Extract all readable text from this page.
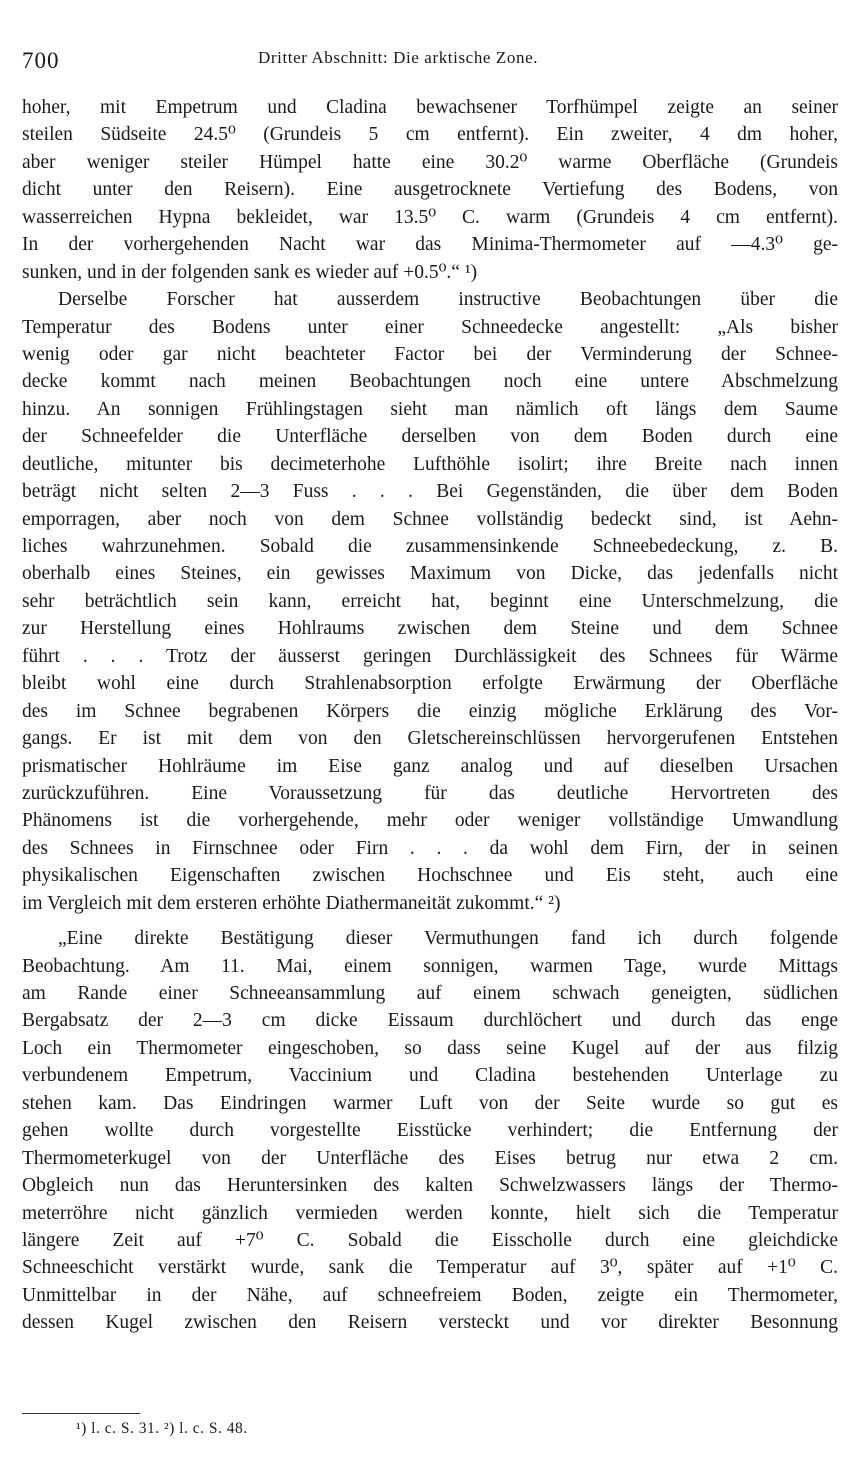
700	Dritter Abschnitt: Die arktische Zone.
hoher, mit Empetrum und Cladina bewachsener Torfhümpel zeigte an seiner
steilen Südseite 24.5⁰ (Grundeis 5 cm entfernt). Ein zweiter, 4 dm hoher,
aber weniger steiler Hümpel hatte eine 30.2⁰ warme Oberfläche (Grundeis
dicht unter den Reisern). Eine ausgetrocknete Vertiefung des Bodens, von
wasserreichen Hypna bekleidet, war 13.5⁰ C. warm (Grundeis 4 cm entfernt).
In der vorhergehenden Nacht war das Minima-Thermometer auf —4.3⁰ ge-
sunken, und in der folgenden sank es wieder auf +0.5⁰.“ ¹)
Derselbe Forscher hat ausserdem instructive Beobachtungen über die
Temperatur des Bodens unter einer Schneedecke angestellt: „Als bisher
wenig oder gar nicht beachteter Factor bei der Verminderung der Schnee-
decke kommt nach meinen Beobachtungen noch eine untere Abschmelzung
hinzu. An sonnigen Frühlingstagen sieht man nämlich oft längs dem Saume
der Schneefelder die Unterfläche derselben von dem Boden durch eine
deutliche, mitunter bis decimeterhohe Lufthöhle isolirt; ihre Breite nach innen
beträgt nicht selten 2—3 Fuss . . . Bei Gegenständen, die über dem Boden
emporragen, aber noch von dem Schnee vollständig bedeckt sind, ist Aehn-
liches wahrzunehmen. Sobald die zusammensinkende Schneebedeckung, z. B.
oberhalb eines Steines, ein gewisses Maximum von Dicke, das jedenfalls nicht
sehr beträchtlich sein kann, erreicht hat, beginnt eine Unterschmelzung, die
zur Herstellung eines Hohlraums zwischen dem Steine und dem Schnee
führt . . . Trotz der äusserst geringen Durchlässigkeit des Schnees für Wärme
bleibt wohl eine durch Strahlenabsorption erfolgte Erwärmung der Oberfläche
des im Schnee begrabenen Körpers die einzig mögliche Erklärung des Vor-
gangs. Er ist mit dem von den Gletschereinschlüssen hervorgerufenen Entstehen
prismatischer Hohlräume im Eise ganz analog und auf dieselben Ursachen
zurückzuführen. Eine Voraussetzung für das deutliche Hervortreten des
Phänomens ist die vorhergehende, mehr oder weniger vollständige Umwandlung
des Schnees in Firnschnee oder Firn . . . da wohl dem Firn, der in seinen
physikalischen Eigenschaften zwischen Hochschnee und Eis steht, auch eine
im Vergleich mit dem ersteren erhöhte Diathermaneität zukommt.“ ²)
„Eine direkte Bestätigung dieser Vermuthungen fand ich durch folgende
Beobachtung. Am 11. Mai, einem sonnigen, warmen Tage, wurde Mittags
am Rande einer Schneeansammlung auf einem schwach geneigten, südlichen
Bergabsatz der 2—3 cm dicke Eissaum durchlöchert und durch das enge
Loch ein Thermometer eingeschoben, so dass seine Kugel auf der aus filzig
verbundenem Empetrum, Vaccinium und Cladina bestehenden Unterlage zu
stehen kam. Das Eindringen warmer Luft von der Seite wurde so gut es
gehen wollte durch vorgestellte Eisstücke verhindert; die Entfernung der
Thermometerkugel von der Unterfläche des Eises betrug nur etwa 2 cm.
Obgleich nun das Heruntersinken des kalten Schwelzwassers längs der Thermo-
meterröhre nicht gänzlich vermieden werden konnte, hielt sich die Temperatur
längere Zeit auf +7⁰ C. Sobald die Eisscholle durch eine gleichdicke
Schneeschicht verstärkt wurde, sank die Temperatur auf 3⁰, später auf +1⁰ C.
Unmittelbar in der Nähe, auf schneefreiem Boden, zeigte ein Thermometer,
dessen Kugel zwischen den Reisern versteckt und vor direkter Besonnung
¹) l. c. S. 31. ²) l. c. S. 48.
